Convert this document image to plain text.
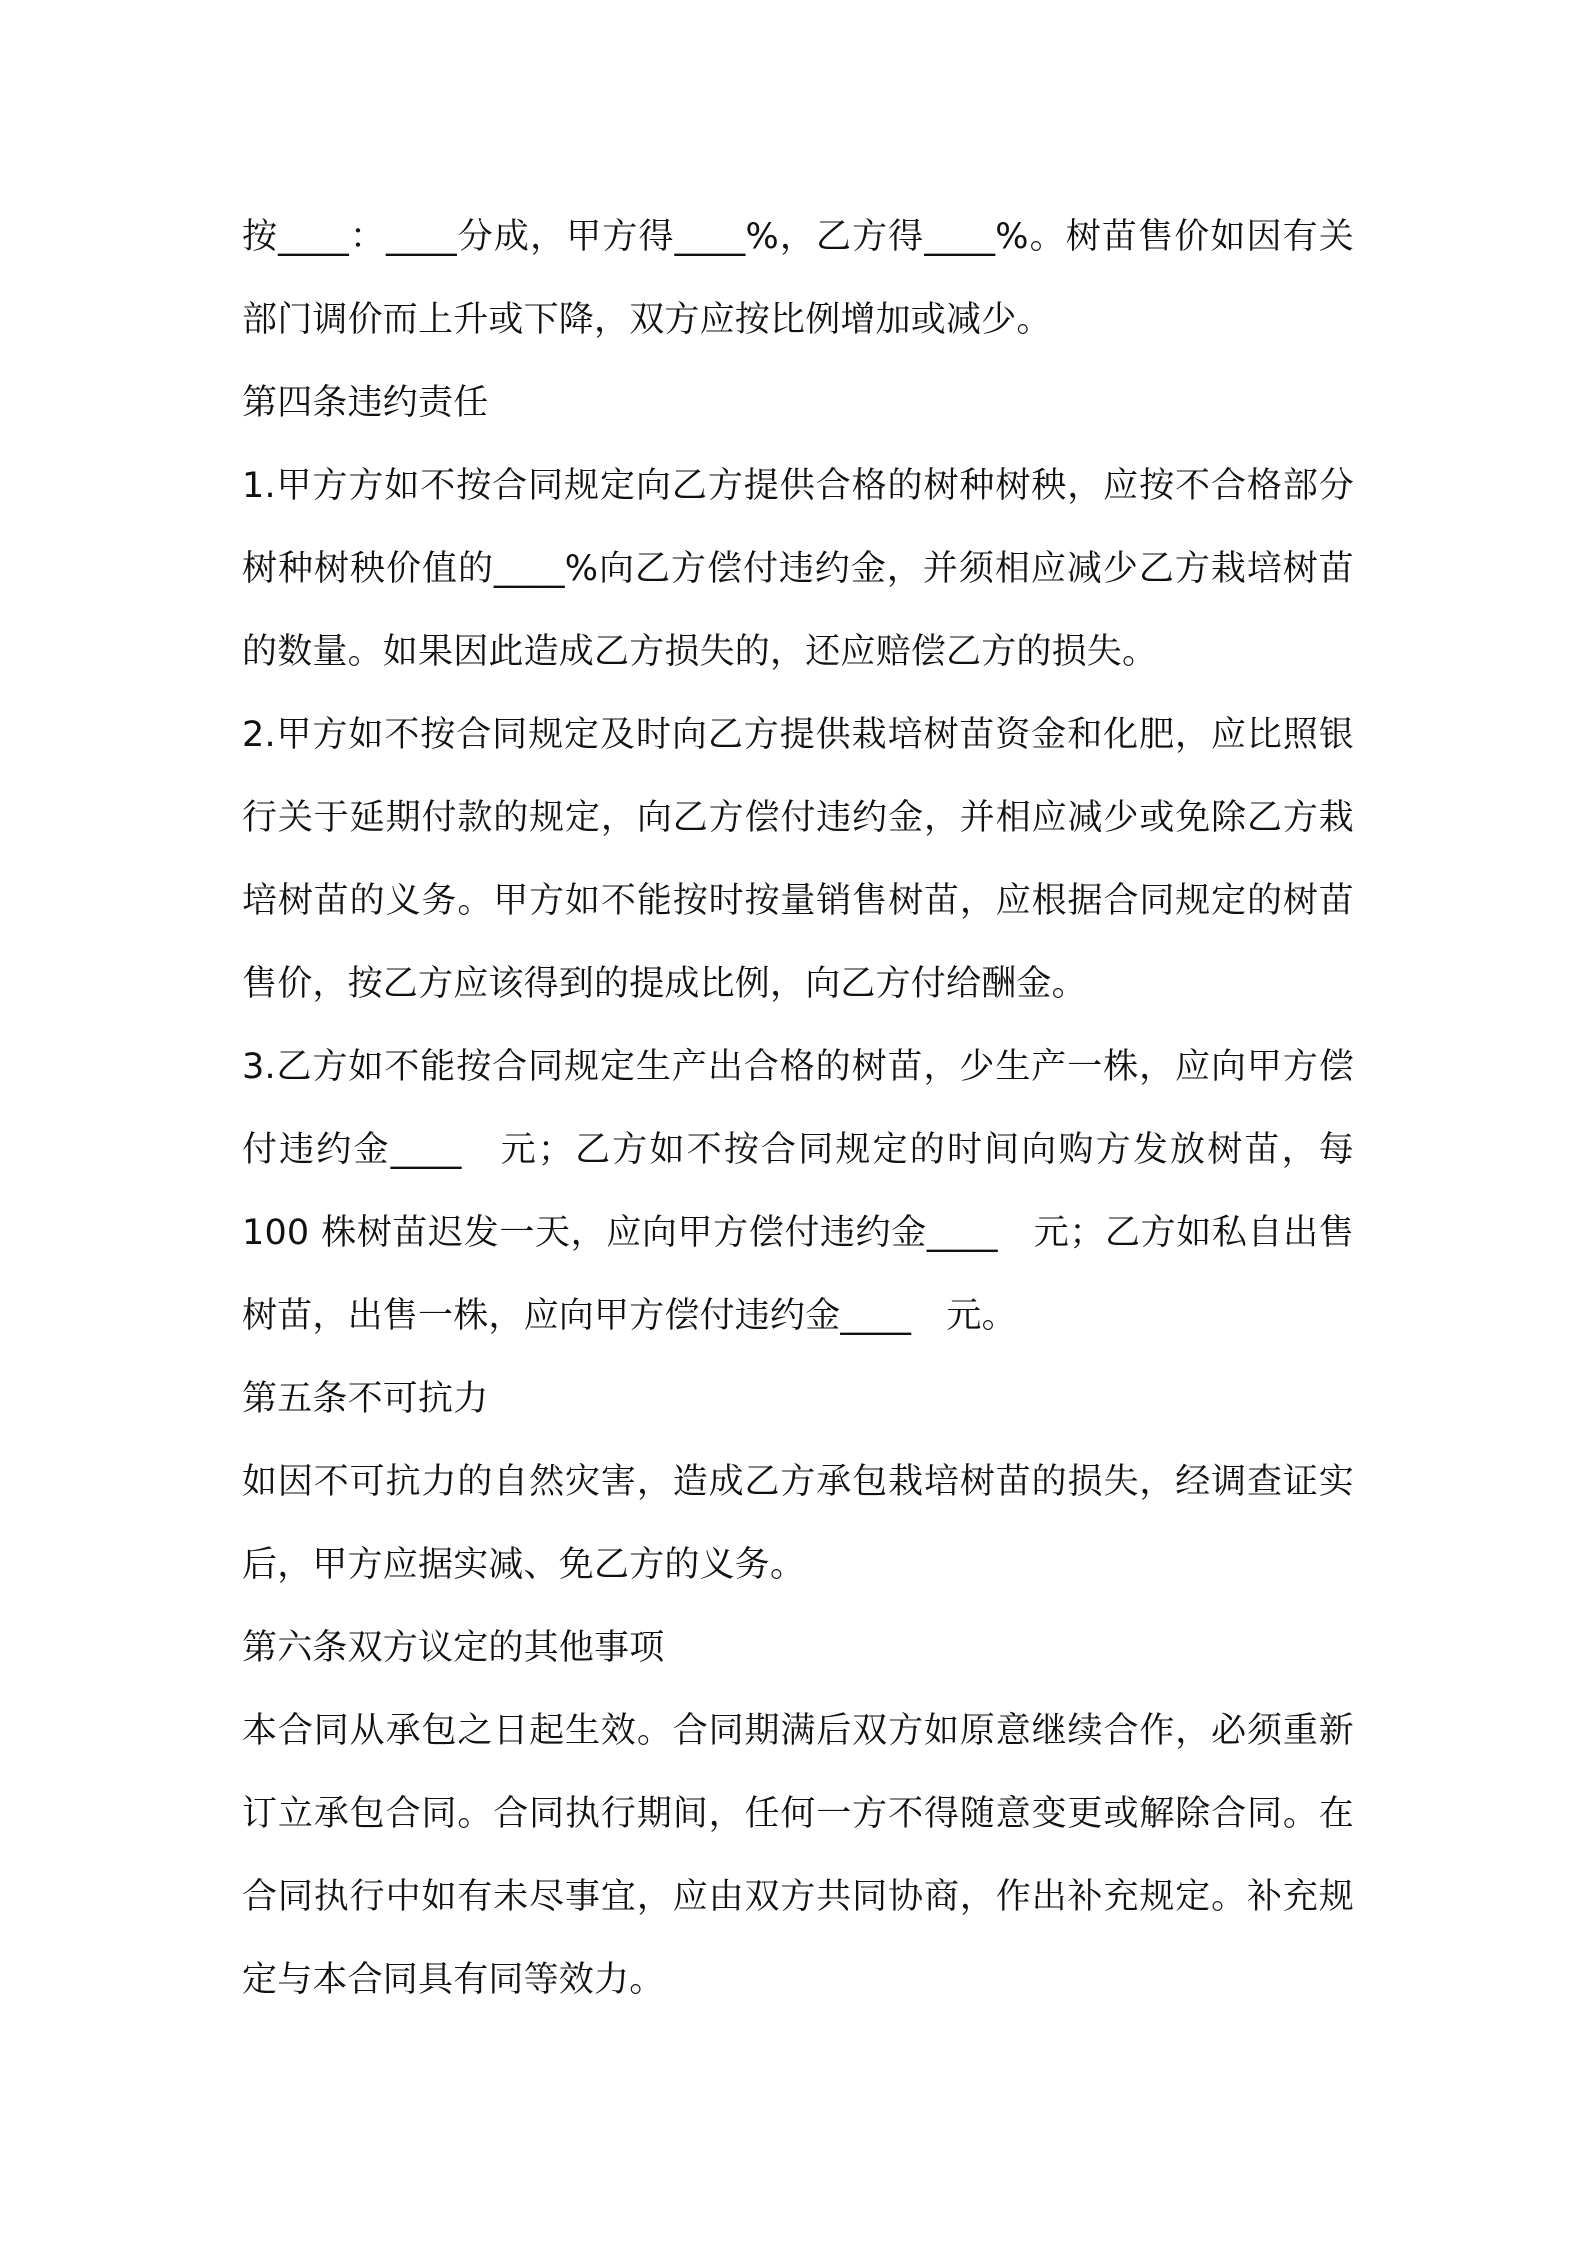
按____：____分成，甲方得____%，乙方得____%。树苗售价如因有关部门调价而上升或下降，双方应按比例增加或减少。

第四条违约责任

1.甲方方如不按合同规定向乙方提供合格的树种树秧，应按不合格部分树种树秧价值的____%向乙方偿付违约金，并须相应减少乙方栽培树苗的数量。如果因此造成乙方损失的，还应赔偿乙方的损失。

2.甲方如不按合同规定及时向乙方提供栽培树苗资金和化肥，应比照银行关于延期付款的规定，向乙方偿付违约金，并相应减少或免除乙方栽培树苗的义务。甲方如不能按时按量销售树苗，应根据合同规定的树苗售价，按乙方应该得到的提成比例，向乙方付给酬金。

3.乙方如不能按合同规定生产出合格的树苗，少生产一株，应向甲方偿付违约金____　元；乙方如不按合同规定的时间向购方发放树苗，每 100 株树苗迟发一天，应向甲方偿付违约金____　元；乙方如私自出售树苗，出售一株，应向甲方偿付违约金____　元。

第五条不可抗力

如因不可抗力的自然灾害，造成乙方承包栽培树苗的损失，经调查证实后，甲方应据实减、免乙方的义务。

第六条双方议定的其他事项

本合同从承包之日起生效。合同期满后双方如原意继续合作，必须重新订立承包合同。合同执行期间，任何一方不得随意变更或解除合同。在合同执行中如有未尽事宜，应由双方共同协商，作出补充规定。补充规定与本合同具有同等效力。
